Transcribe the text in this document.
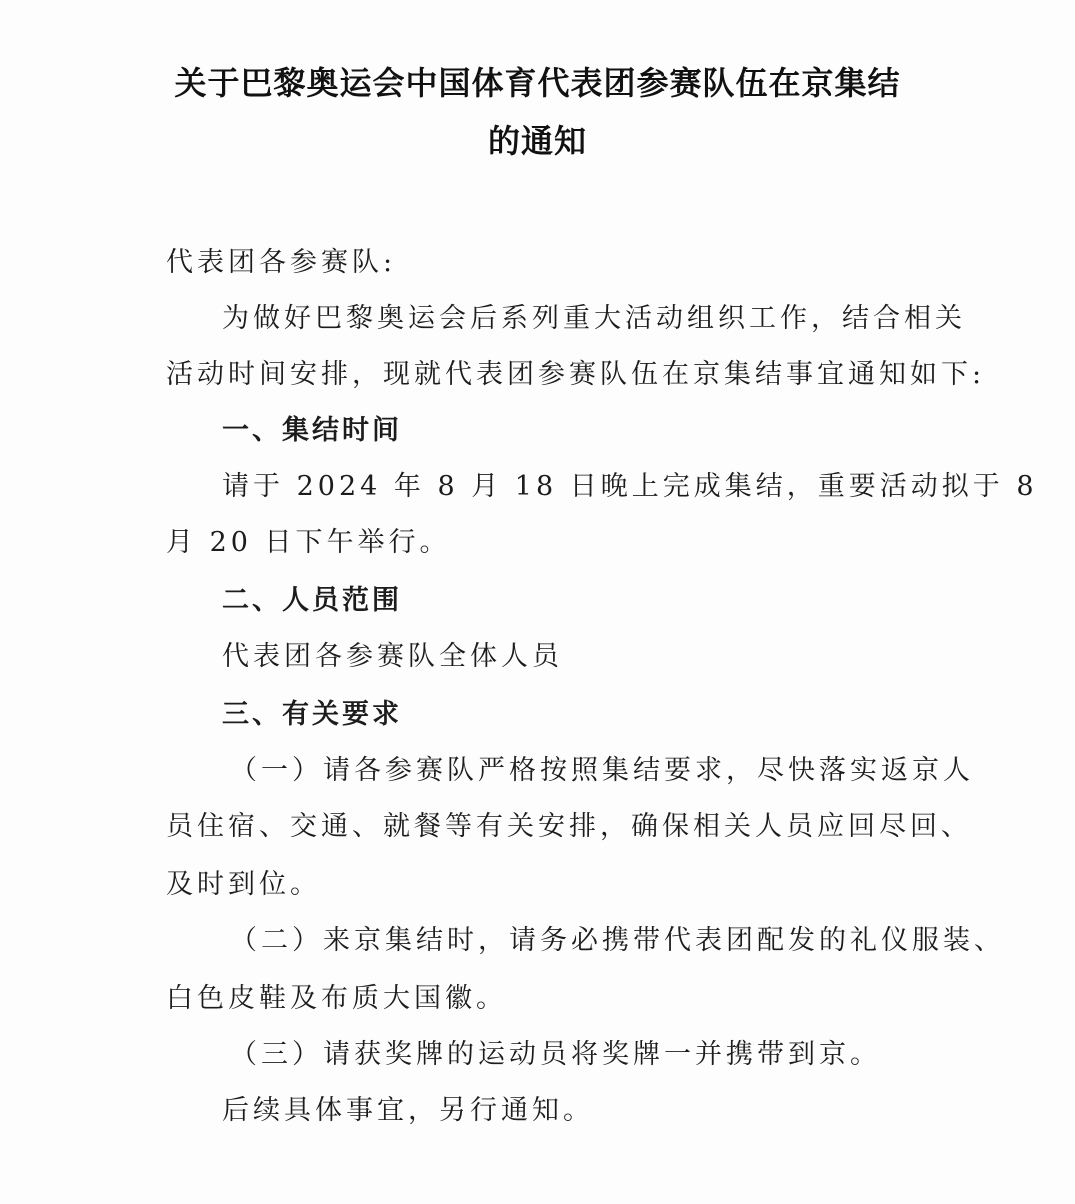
关于巴黎奥运会中国体育代表团参赛队伍在京集结
的通知
代表团各参赛队:
为做好巴黎奥运会后系列重大活动组织工作，结合相关
活动时间安排，现就代表团参赛队伍在京集结事宜通知如下:
一、集结时间
请于 2024 年 8 月 18 日晚上完成集结，重要活动拟于 8
月 20 日下午举行。
二、人员范围
代表团各参赛队全体人员
三、有关要求
（一）请各参赛队严格按照集结要求，尽快落实返京人
员住宿、交通、就餐等有关安排，确保相关人员应回尽回、
及时到位。
（二）来京集结时，请务必携带代表团配发的礼仪服装、
白色皮鞋及布质大国徽。
（三）请获奖牌的运动员将奖牌一并携带到京。
后续具体事宜，另行通知。
